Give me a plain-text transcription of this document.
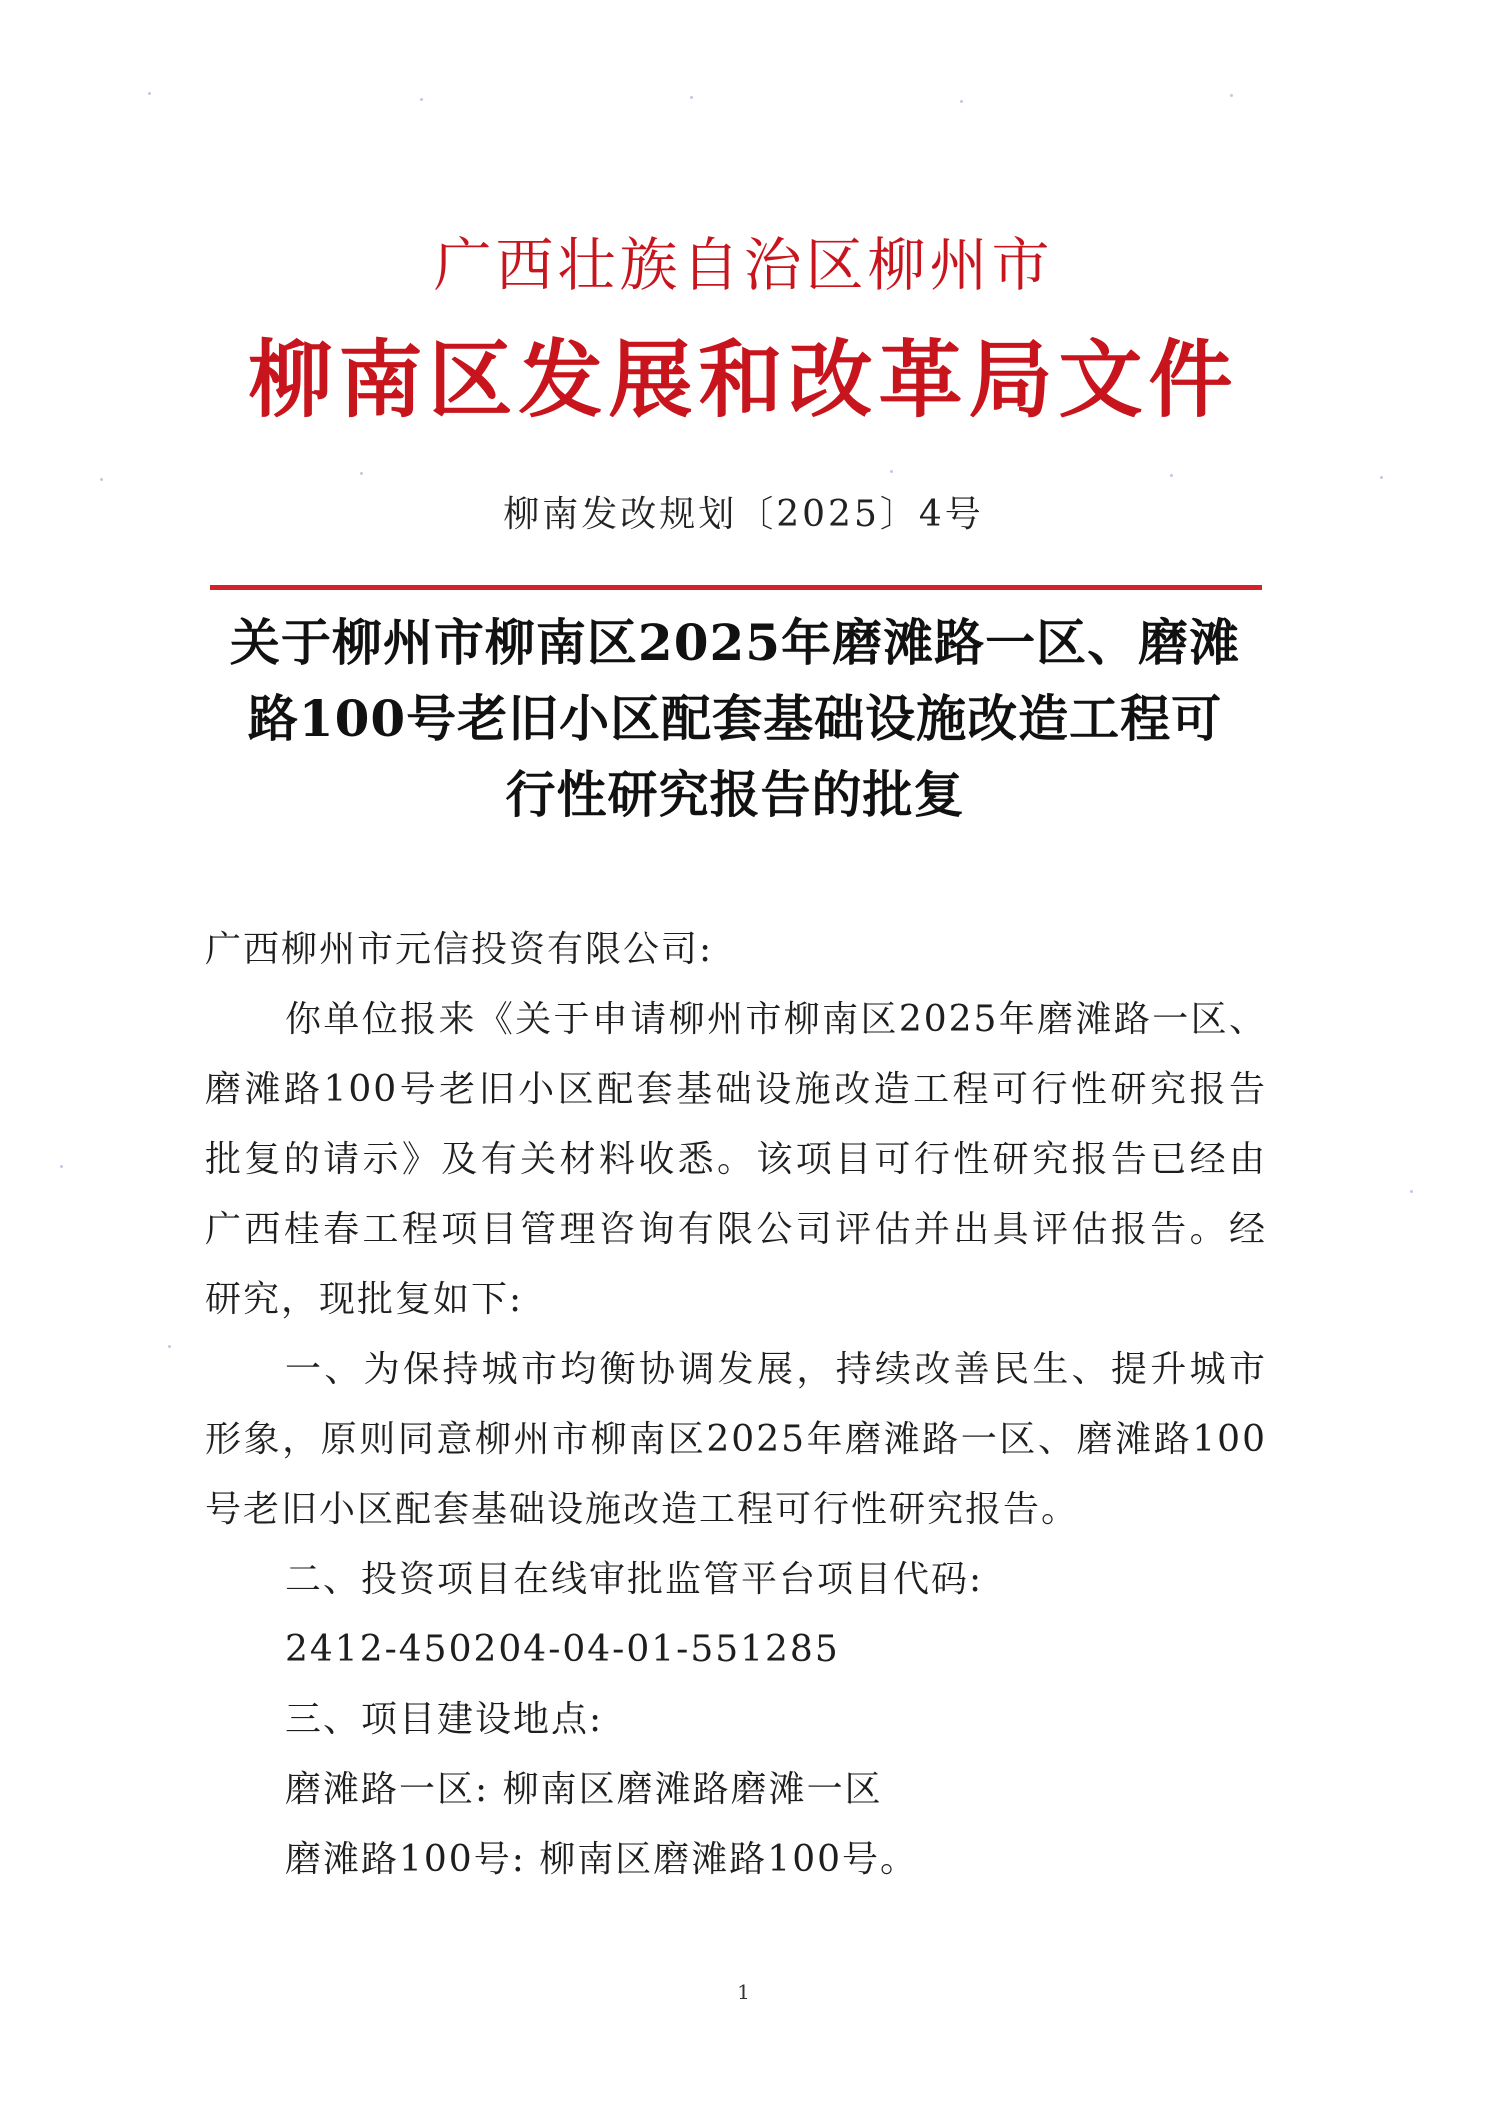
广西壮族自治区柳州市
柳南区发展和改革局文件
柳南发改规划〔2025〕4号
关于柳州市柳南区2025年磨滩路一区、磨滩
路100号老旧小区配套基础设施改造工程可
行性研究报告的批复

广西柳州市元信投资有限公司:

你单位报来《关于申请柳州市柳南区2025年磨滩路一区、磨滩路100号老旧小区配套基础设施改造工程可行性研究报告批复的请示》及有关材料收悉。该项目可行性研究报告已经由 广西桂春工程项目管理咨询有限公司评估并出具评估报告。经研究，现批复如下:

一、为保持城市均衡协调发展，持续改善民生、提升城市形象，原则同意柳州市柳南区2025年磨滩路一区、磨滩路100号老旧小区配套基础设施改造工程可行性研究报告。

二、投资项目在线审批监管平台项目代码:

2412-450204-04-01-551285

三、项目建设地点:

磨滩路一区: 柳南区磨滩路磨滩一区

磨滩路100号: 柳南区磨滩路100号。

1
